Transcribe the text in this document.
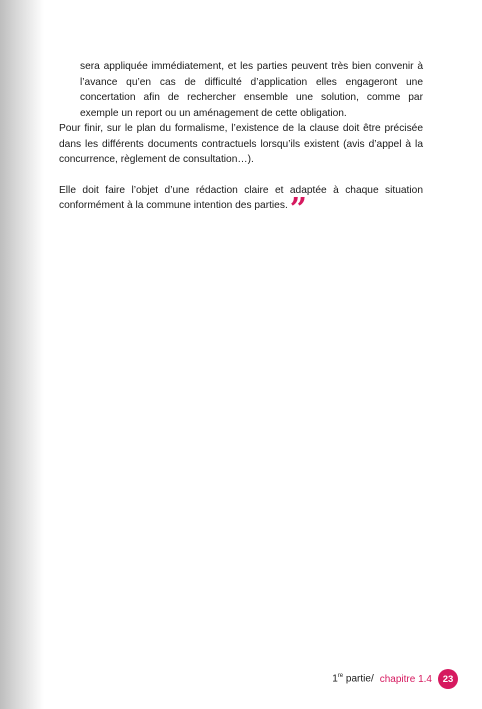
sera appliquée immédiatement, et les parties peuvent très bien convenir à l’avance qu’en cas de difficulté d’application elles engageront une concertation afin de rechercher ensemble une solution, comme par exemple un report ou un aménagement de cette obligation.

Pour finir, sur le plan du formalisme, l’existence de la clause doit être précisée dans les différents documents contractuels lorsqu’ils existent (avis d’appel à la concurrence, règlement de consultation…).

Elle doit faire l’objet d’une rédaction claire et adaptée à chaque situation conformément à la commune intention des parties.”

1re partie/ chapitre 1.4	23
